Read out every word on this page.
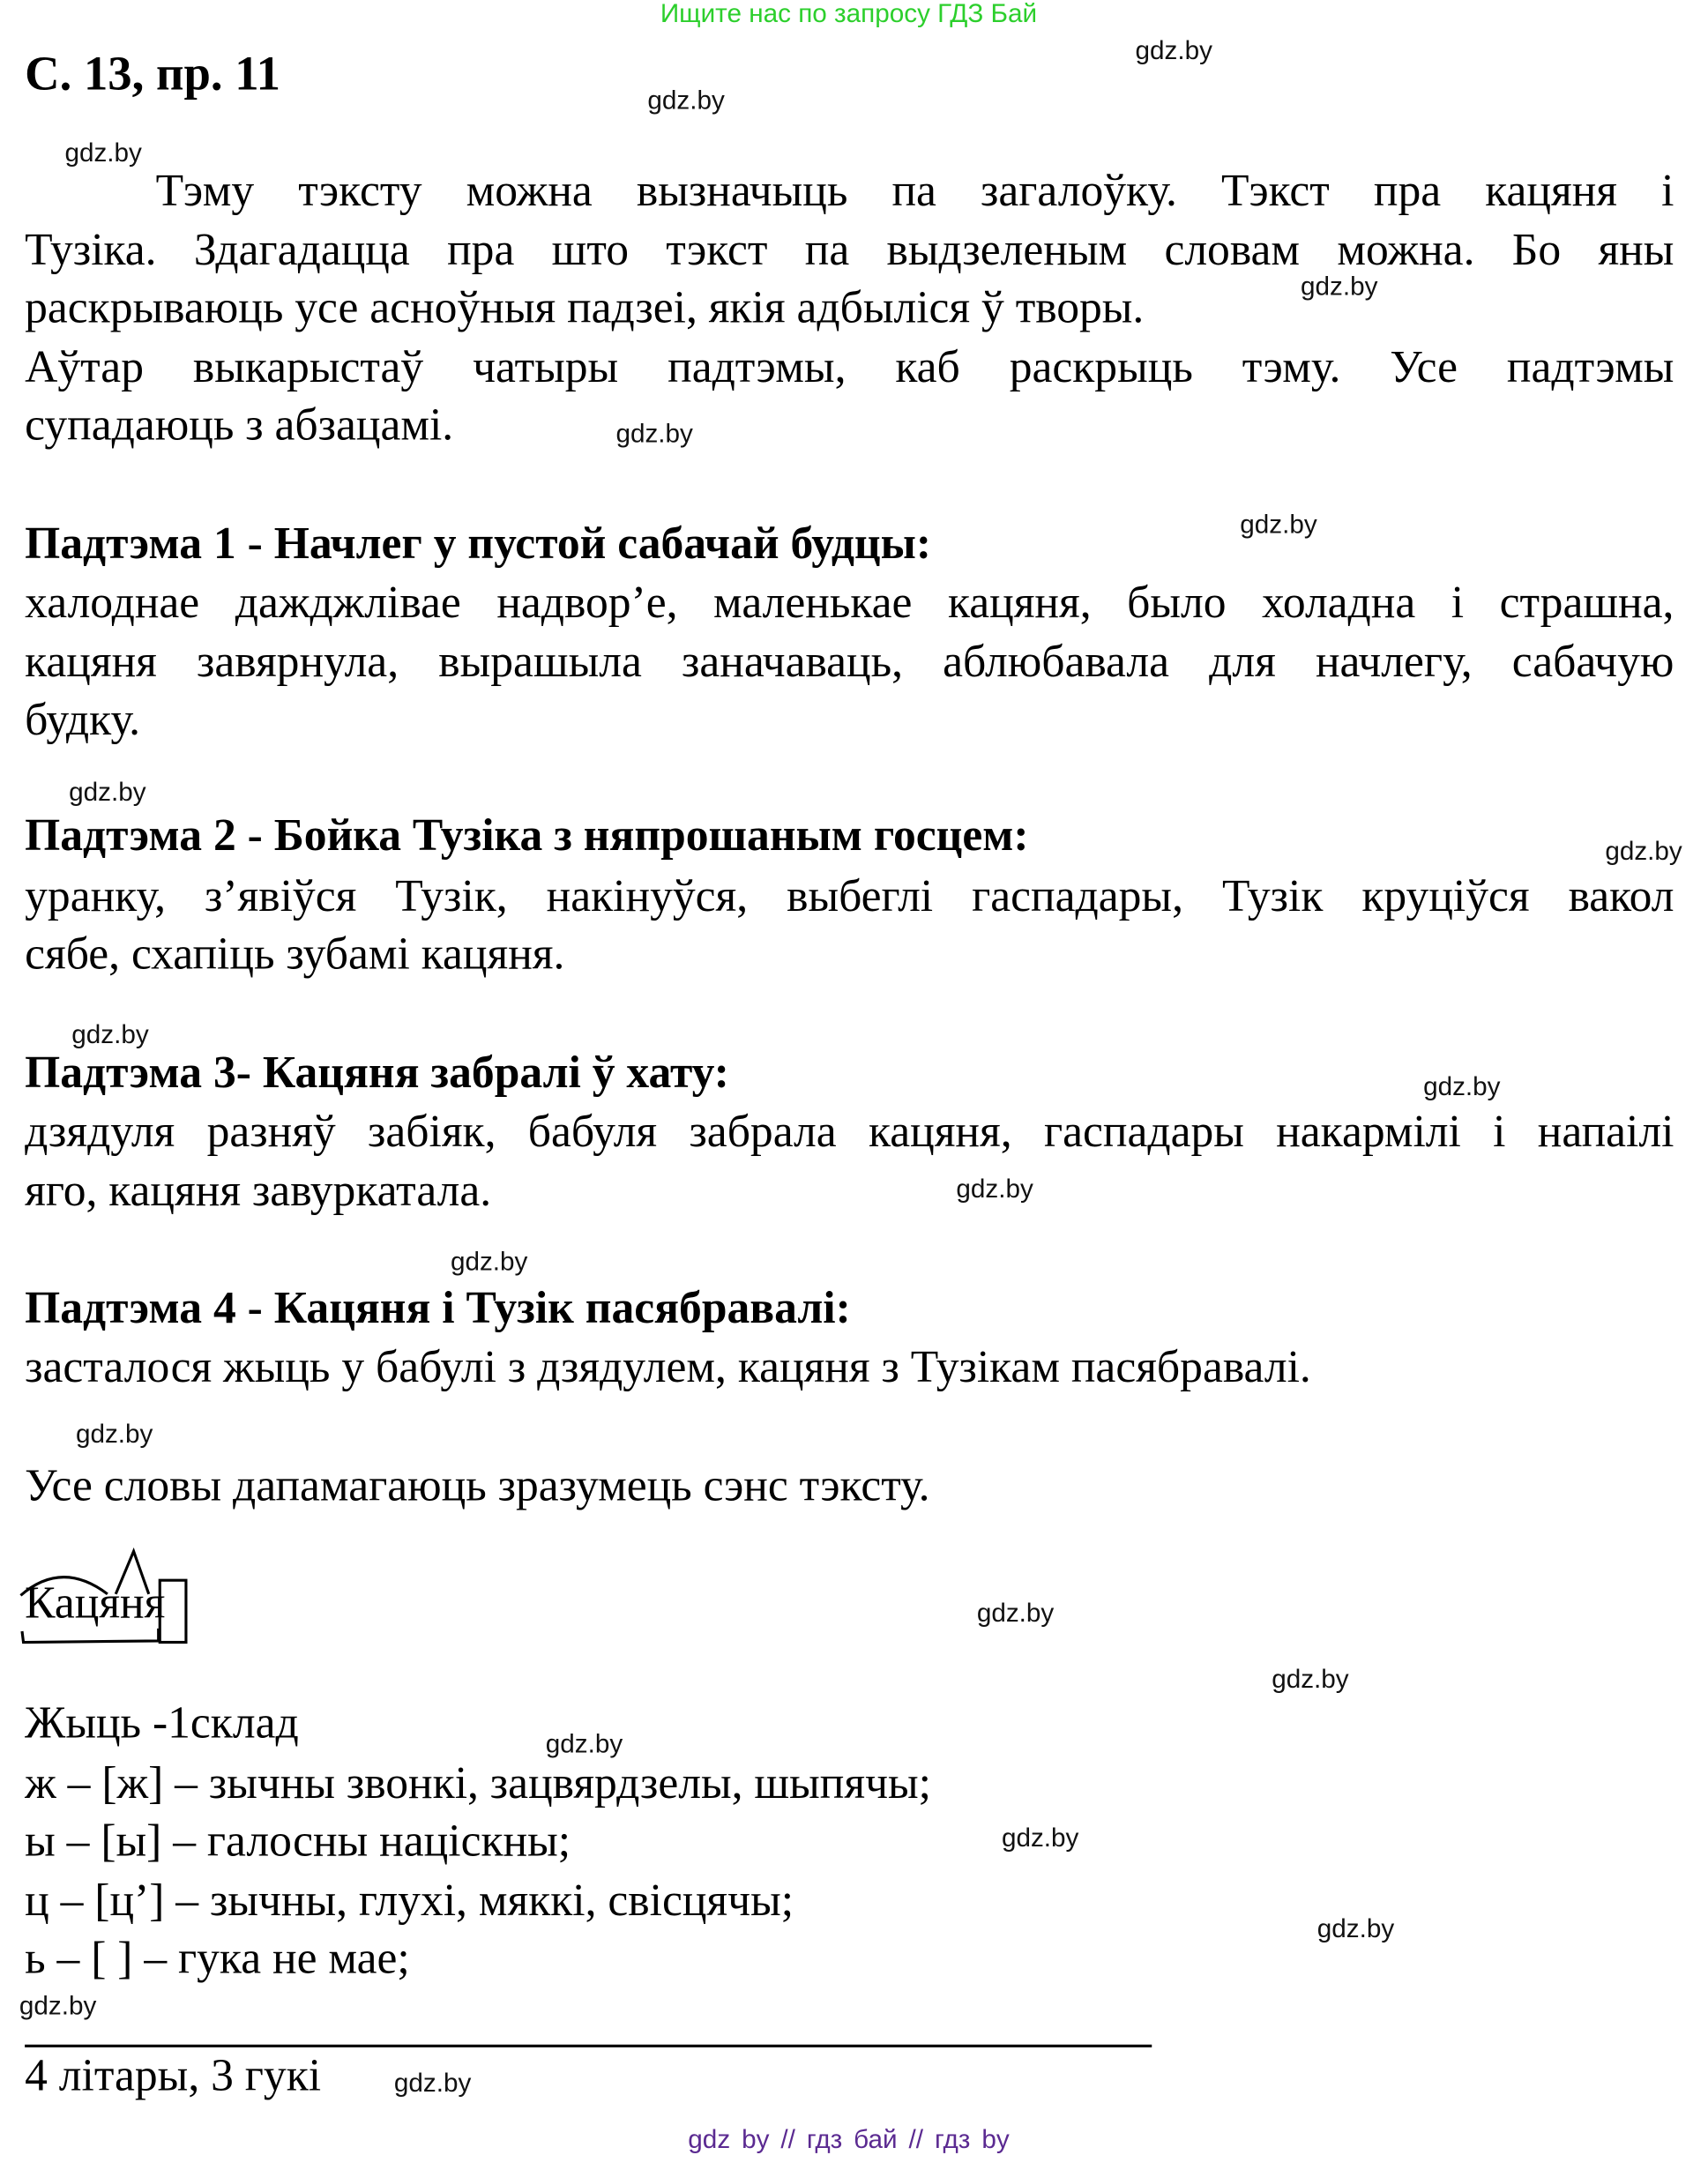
Ищите нас по запросу ГДЗ Бай
С. 13, пр. 11
Тэму тэксту можна вызначыць па загалоўку. Тэкст пра кацяня і
Тузіка. Здагадацца пра што тэкст па выдзеленым словам можна. Бо яны
раскрываюць усе асноўныя падзеі, якія адбыліся ў творы.
Аўтар выкарыстаў чатыры падтэмы, каб раскрыць тэму. Усе падтэмы
супадаюць з абзацамі.
Падтэма 1 - Начлег у пустой сабачай будцы:
халоднае дажджлівае надвор’е, маленькае кацяня, было холадна і страшна,
кацяня завярнула, вырашыла заначаваць, аблюбавала для начлегу, сабачую
будку.
Падтэма 2 - Бойка Тузіка з няпрошаным госцем:
уранку, з’явіўся Тузік, накінуўся, выбеглі гаспадары, Тузік круціўся вакол
сябе, схапіць зубамі кацяня.
Падтэма 3- Кацяня забралі ў хату:
дзядуля разняў забіяк, бабуля забрала кацяня, гаспадары накармілі і напаілі
яго, кацяня завуркатала.
Падтэма 4 - Кацяня і Тузік пасябравалі:
засталося жыць у бабулі з дзядулем, кацяня з Тузікам пасябравалі.
Усе словы дапамагаюць зразумець сэнс тэксту.
Кацяня
Жыць -1склад
ж – [ж] – зычны звонкі, зацвярдзелы, шыпячы;
ы – [ы] – галосны націскны;
ц – [ц’] – зычны, глухі, мяккі, свісцячы;
ь – [ ] – гука не мае;
4 літары, 3 гукі
gdz.by
gdz.by
gdz.by
gdz.by
gdz.by
gdz.by
gdz.by
gdz.by
gdz.by
gdz.by
gdz.by
gdz.by
gdz.by
gdz.by
gdz.by
gdz.by
gdz.by
gdz.by
gdz.by
gdz.by
gdz by // гдз бай // гдз by
